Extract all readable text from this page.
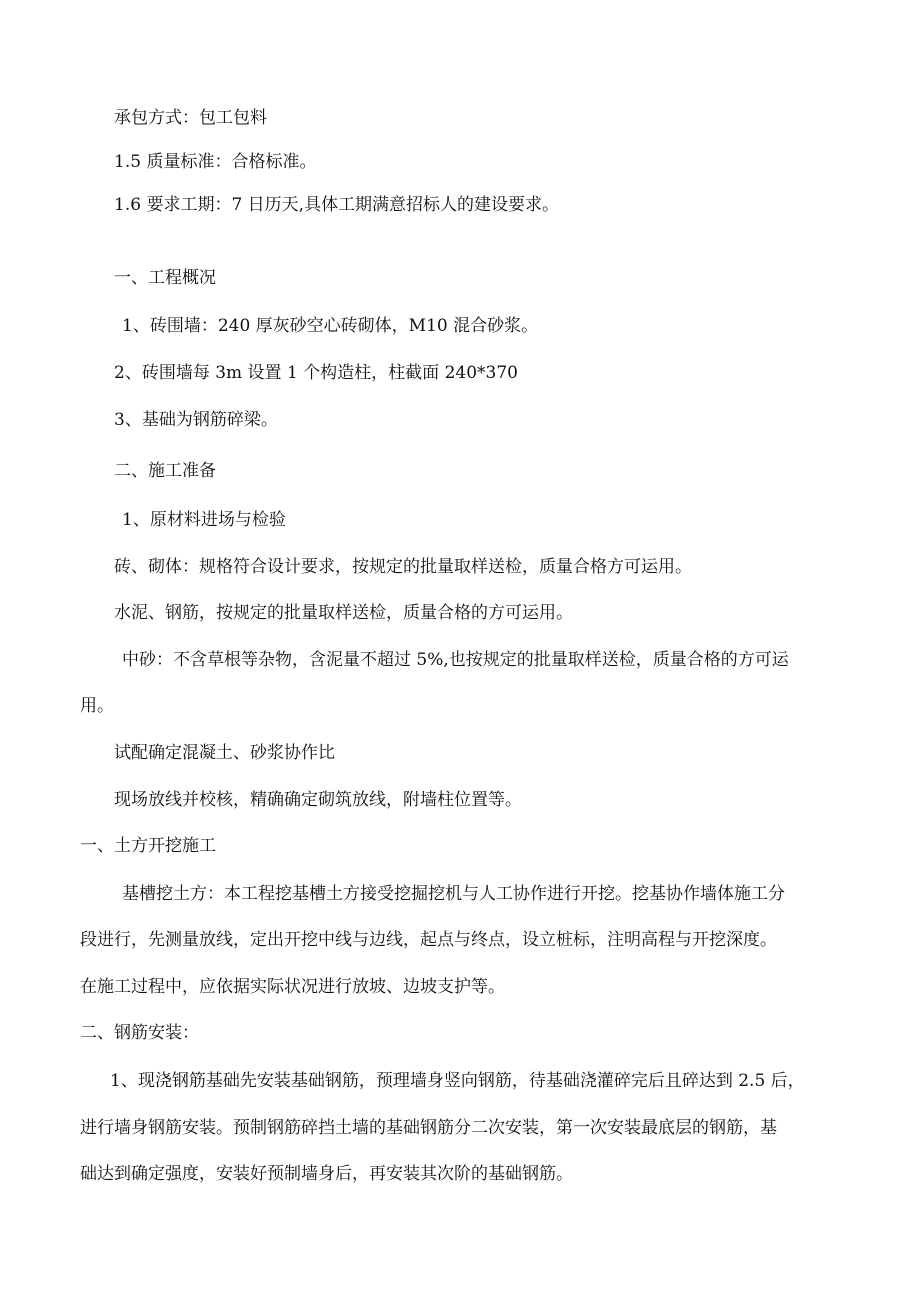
承包方式：包工包料
1.5 质量标准：合格标准。
1.6 要求工期：7 日历天,具体工期满意招标人的建设要求。
一、工程概况
1、砖围墙：240 厚灰砂空心砖砌体，M10 混合砂浆。
2、砖围墙每 3m 设置 1 个构造柱，柱截面 240*370
3、基础为钢筋碎梁。
二、施工准备
1、原材料进场与检验
砖、砌体：规格符合设计要求，按规定的批量取样送检，质量合格方可运用。
水泥、钢筋，按规定的批量取样送检，质量合格的方可运用。
中砂：不含草根等杂物，含泥量不超过 5%,也按规定的批量取样送检，质量合格的方可运
用。
试配确定混凝土、砂浆协作比
现场放线并校核，精确确定砌筑放线，附墙柱位置等。
一、土方开挖施工
基槽挖土方：本工程挖基槽土方接受挖掘挖机与人工协作进行开挖。挖基协作墙体施工分
段进行，先测量放线，定出开挖中线与边线，起点与终点，设立桩标，注明高程与开挖深度。
在施工过程中，应依据实际状况进行放坡、边坡支护等。
二、钢筋安装：
1、现浇钢筋基础先安装基础钢筋，预理墙身竖向钢筋，待基础浇灌碎完后且碎达到 2.5 后，
进行墙身钢筋安装。预制钢筋碎挡土墙的基础钢筋分二次安装，第一次安装最底层的钢筋，基
础达到确定强度，安装好预制墙身后，再安装其次阶的基础钢筋。
